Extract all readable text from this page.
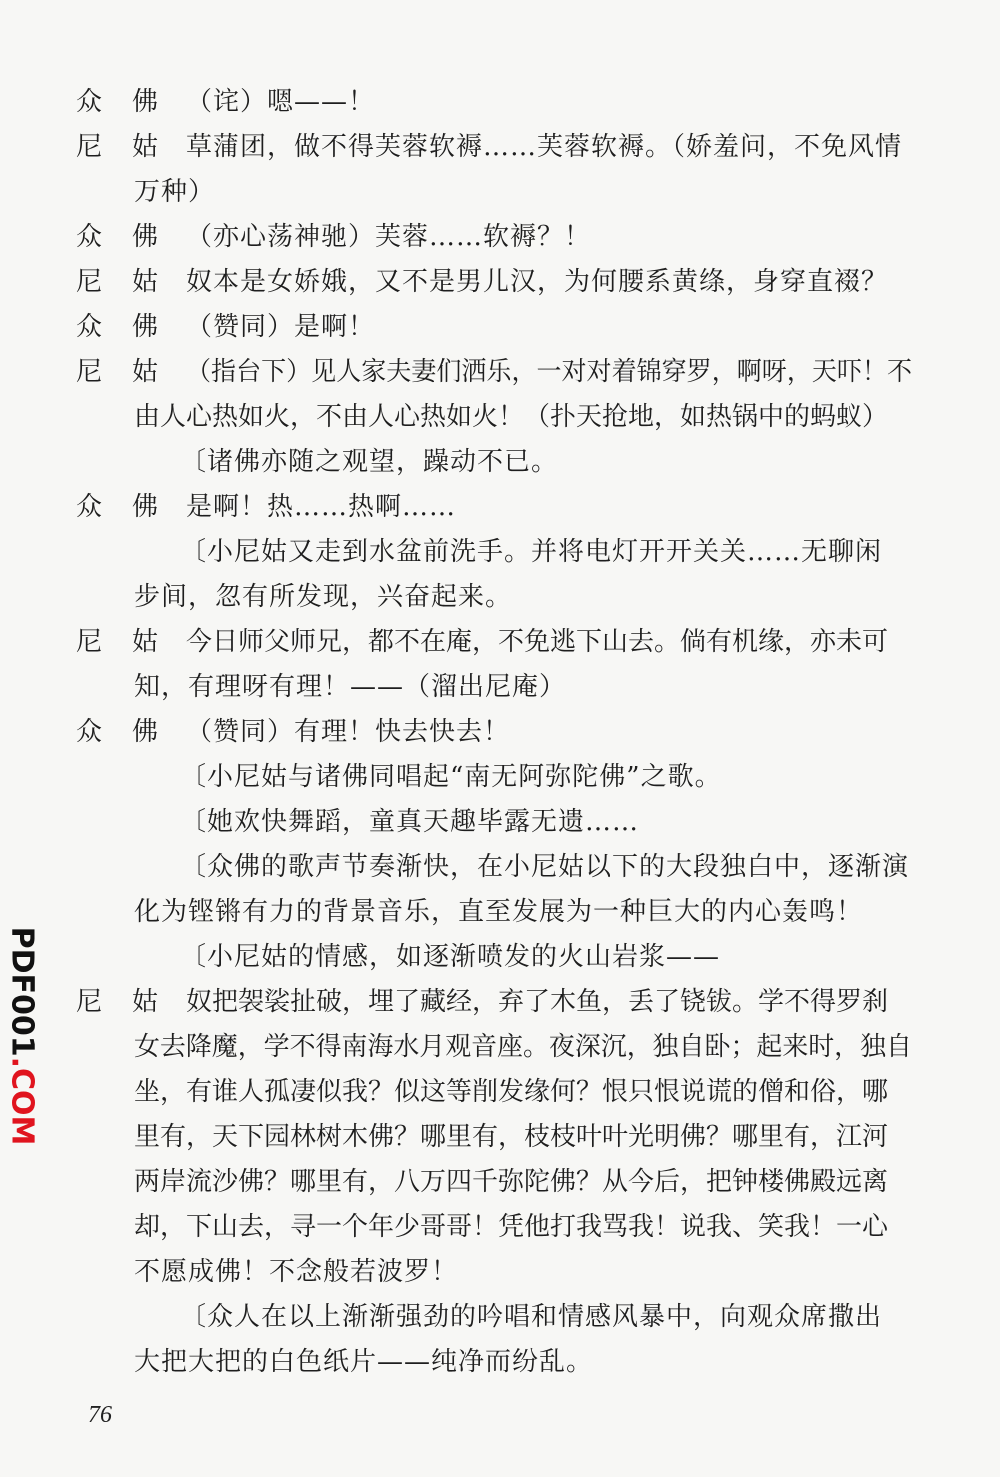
众 佛 （诧）嗯——！
尼 姑 草蒲团，做不得芙蓉软褥……芙蓉软褥。（娇羞问，不免风情
万种）
众 佛 （亦心荡神驰）芙蓉……软褥？！
尼 姑 奴本是女娇娥，又不是男儿汉，为何腰系黄绦，身穿直裰？
众 佛 （赞同）是啊！
尼 姑 （指台下）见人家夫妻们洒乐，一对对着锦穿罗，啊呀，天吓！不
由人心热如火，不由人心热如火！（扑天抢地，如热锅中的蚂蚁）
〔诸佛亦随之观望，躁动不已。
众 佛 是啊！热……热啊……
〔小尼姑又走到水盆前洗手。并将电灯开开关关……无聊闲
步间，忽有所发现，兴奋起来。
尼 姑 今日师父师兄，都不在庵，不免逃下山去。倘有机缘，亦未可
知，有理呀有理！——（溜出尼庵）
众 佛 （赞同）有理！快去快去！
〔小尼姑与诸佛同唱起“南无阿弥陀佛”之歌。
〔她欢快舞蹈，童真天趣毕露无遗……
〔众佛的歌声节奏渐快，在小尼姑以下的大段独白中，逐渐演
化为铿锵有力的背景音乐，直至发展为一种巨大的内心轰鸣！
〔小尼姑的情感，如逐渐喷发的火山岩浆——
尼 姑 奴把袈裟扯破，埋了藏经，弃了木鱼，丢了铙钹。学不得罗刹
女去降魔，学不得南海水月观音座。夜深沉，独自卧；起来时，独自
坐，有谁人孤凄似我？似这等削发缘何？恨只恨说谎的僧和俗，哪
里有，天下园林树木佛？哪里有，枝枝叶叶光明佛？哪里有，江河
两岸流沙佛？哪里有，八万四千弥陀佛？从今后，把钟楼佛殿远离
却，下山去，寻一个年少哥哥！凭他打我骂我！说我、笑我！一心
不愿成佛！不念般若波罗！
〔众人在以上渐渐强劲的吟唱和情感风暴中，向观众席撒出
大把大把的白色纸片——纯净而纷乱。
PDF001.COM
76
